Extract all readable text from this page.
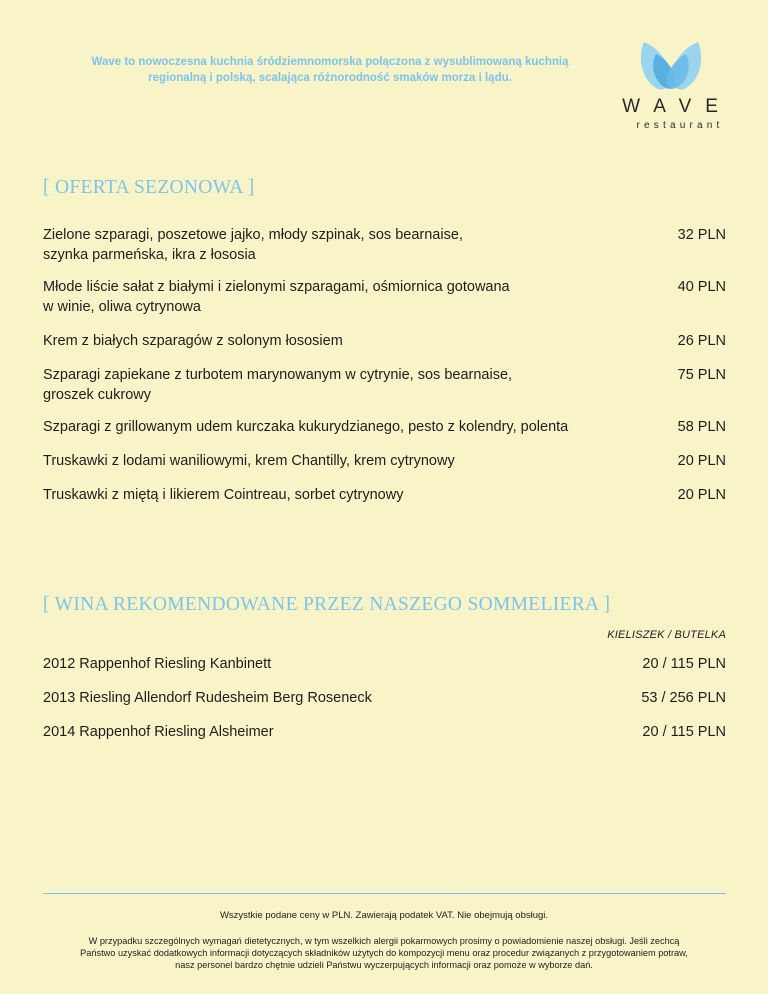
Wave to nowoczesna kuchnia śródziemnomorska połączona z wysublimowaną kuchnią
regionalną i polską, scalająca różnorodność smaków morza i lądu.
WAVE
restaurant
[ OFERTA SEZONOWA ]
Zielone szparagi, poszetowe jajko, młody szpinak, sos bearnaise,
szynka parmeńska, ikra z łososia
32 PLN
Młode liście sałat z białymi i zielonymi szparagami, ośmiornica gotowana
w winie, oliwa cytrynowa
40 PLN
Krem z białych szparagów z solonym łososiem	26 PLN
Szparagi zapiekane z turbotem marynowanym w cytrynie, sos bearnaise,
groszek cukrowy
75 PLN
Szparagi z grillowanym udem kurczaka kukurydzianego, pesto z kolendry, polenta	58 PLN
Truskawki z lodami waniliowymi, krem Chantilly, krem cytrynowy	20 PLN
Truskawki z miętą i likierem Cointreau, sorbet cytrynowy	20 PLN
[ WINA REKOMENDOWANE PRZEZ NASZEGO SOMMELIERA ]
KIELISZEK / BUTELKA
2012 Rappenhof Riesling Kanbinett	20 / 115 PLN
2013 Riesling Allendorf Rudesheim Berg Roseneck	53 / 256 PLN
2014 Rappenhof Riesling Alsheimer	20 / 115 PLN
Wszystkie podane ceny w PLN. Zawierają podatek VAT. Nie obejmują obsługi.
W przypadku szczególnych wymagań dietetycznych, w tym wszelkich alergii pokarmowych prosimy o powiadomienie naszej obsługi. Jeśli zechcą
Państwo uzyskać dodatkowych informacji dotyczących składników użytych do kompozycji menu oraz procedur związanych z przygotowaniem potraw,
nasz personel bardzo chętnie udzieli Państwu wyczerpujących informacji oraz pomoże w wyborze dań.
